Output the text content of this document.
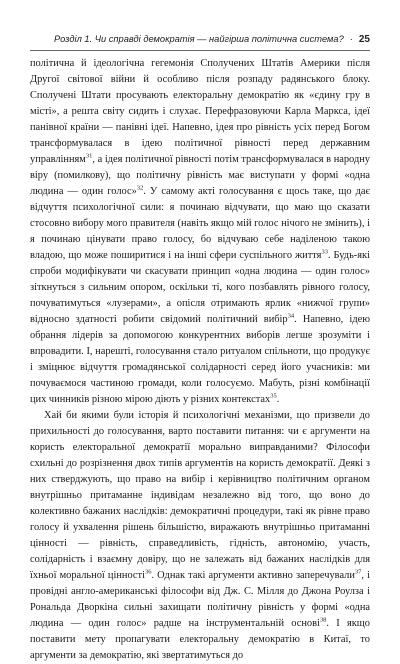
Розділ 1. Чи справді демократія — найгірша політична система? · 25

політична й ідеологічна гегемонія Сполучених Штатів Америки після Другої світової війни й особливо після розпаду радянського блоку. Сполучені Штати просувають електоральну демократію як «єдину гру в місті», а решта світу сидить і слухає. Перефразовуючи Карла Маркса, ідеї панівної країни — панівні ідеї. Напевно, ідея про рівність усіх перед Богом трансформувалася в ідею політичної рівності перед державним управлінням$^{31}$, а ідея політичної рівності потім трансформувалася в народну віру (помилкову), що політичну рівність має виступати у формі «одна людина — один голос»$^{32}$. У самому акті голосування є щось таке, що дає відчуття психологічної сили: я починаю відчувати, що маю що сказати стосовно вибору мого правителя (навіть якщо мій голос нічого не змінить), і я починаю цінувати право голосу, бо відчуваю себе наділеною такою владою, що може поширитися і на інші сфери суспільного життя$^{33}$. Будь-які спроби модифікувати чи скасувати принцип «одна людина — один голос» зіткнуться з сильним опором, оскільки ті, кого позбавлять рівного голосу, почуватимуться «лузерами», а опісля отримають ярлик «нижчої групи» відносно здатності робити свідомий політичний вибір$^{34}$. Напевно, ідею обрання лідерів за допомогою конкурентних виборів легше зрозуміти і впровадити. І, нарешті, голосування стало ритуалом спільноти, що продукує і зміцнює відчуття громадянської солідарності серед його учасників: ми почуваємося частиною громади, коли голосуємо. Мабуть, різні комбінації цих чинників різною мірою діють у різних контекстах$^{35}$.

Хай би якими були історія й психологічні механізми, що призвели до прихильності до голосування, варто поставити питання: чи є аргументи на користь електоральної демократії морально виправданими? Філософи схильні до розрізнення двох типів аргументів на користь демократії. Деякі з них стверджують, що право на вибір і керівництво політичним органом внутрішньо притаманне індивідам незалежно від того, що воно до колективно бажаних наслідків: демократичні процедури, такі як рівне право голосу й ухвалення рішень більшістю, виражають внутрішньо притаманні цінності — рівність, справедливість, гідність, автономію, участь, солідарність і взаємну довіру, що не залежать від бажаних наслідків для їхньої моральної цінності$^{36}$. Однак такі аргументи активно заперечували$^{37}$, і провідні англо-американські філософи від Дж. С. Мілля до Джона Роулза і Рональда Дворкіна сильні захищати політичну рівність у формі «одна людина — один голос» радше на інструментальній основі$^{38}$. І якщо поставити мету пропагувати електоральну демократію в Китаї, то аргументи за демократію, які звертатимуться до
